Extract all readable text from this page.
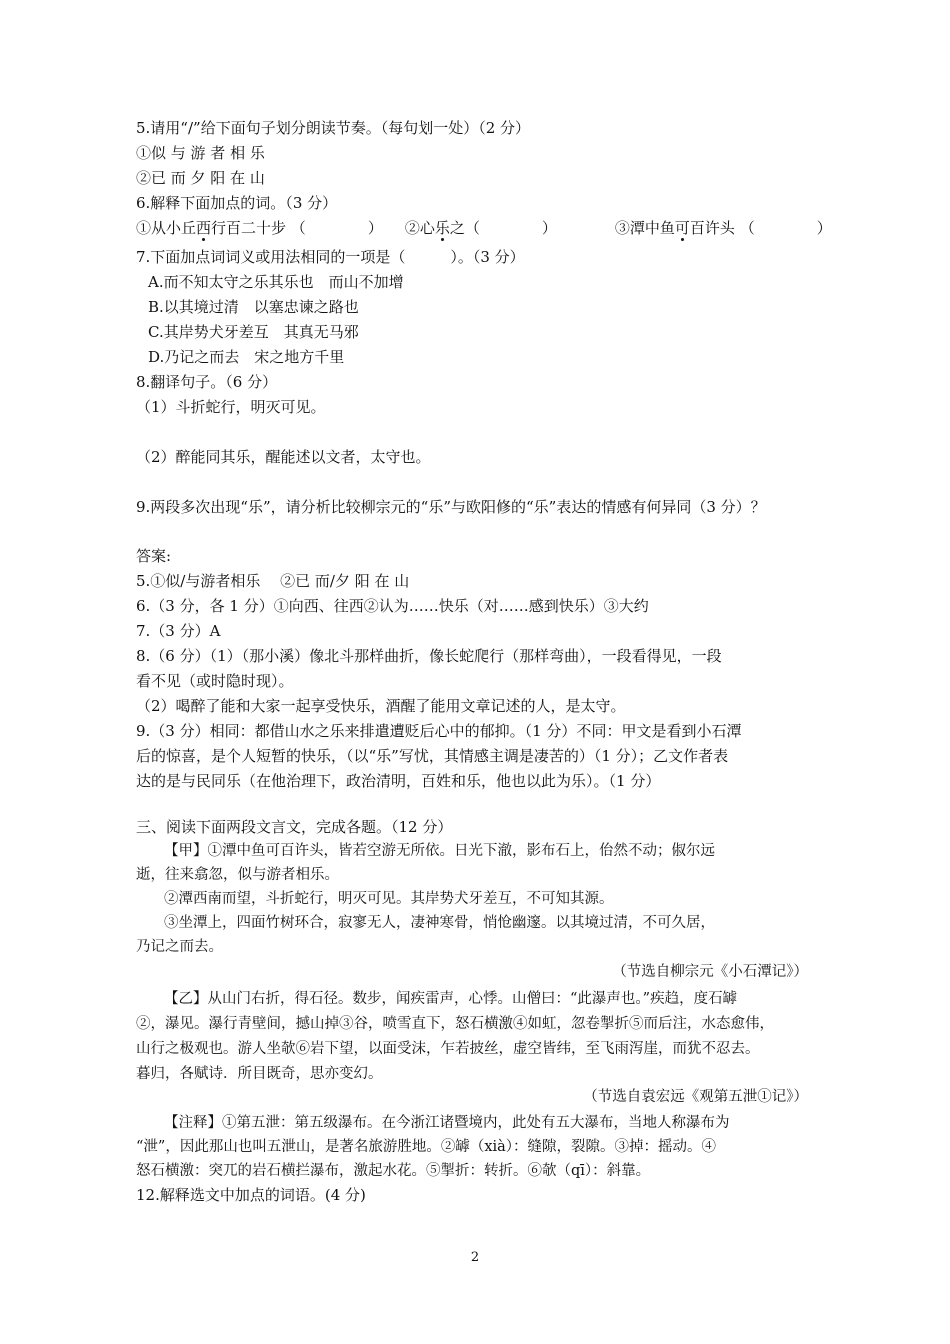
5.请用“/”给下面句子划分朗读节奏。（每句划一处）（2 分）
①似 与 游 者 相 乐
②已 而 夕 阳 在 山
6.解释下面加点的词。（3 分）
①从小丘西行百二十步 （	） ②心乐之（	）	③潭中鱼可百许头 （	）
7.下面加点词词义或用法相同的一项是（　　　）。（3 分）
A.而不知太守之乐其乐也　而山不加增
B.以其境过清　以塞忠谏之路也
C.其岸势犬牙差互　其真无马邪
D.乃记之而去　宋之地方千里
8.翻译句子。（6 分）
（1）斗折蛇行，明灭可见。
（2）醉能同其乐，醒能述以文者，太守也。
9.两段多次出现“乐”，请分析比较柳宗元的“乐”与欧阳修的“乐”表达的情感有何异同（3 分）？
答案:
5.①似/与游者相乐　 ②已 而/夕 阳 在 山
6.（3 分，各 1 分）①向西、往西②认为……快乐（对……感到快乐）③大约
7.（3 分）A
8.（6 分）（1）（那小溪）像北斗那样曲折，像长蛇爬行（那样弯曲），一段看得见，一段
看不见（或时隐时现）。
（2）喝醉了能和大家一起享受快乐，酒醒了能用文章记述的人，是太守。
9.（3 分）相同：都借山水之乐来排遣遭贬后心中的郁抑。（1 分）不同：甲文是看到小石潭
后的惊喜，是个人短暂的快乐，（以“乐”写忧，其情感主调是凄苦的）（1 分）；乙文作者表
达的是与民同乐（在他治理下，政治清明，百姓和乐，他也以此为乐）。（1 分）
三、阅读下面两段文言文，完成各题。（12 分）
【甲】①潭中鱼可百许头，皆若空游无所依。日光下澈，影布石上，佁然不动；俶尔远
逝，往来翕忽，似与游者相乐。
②潭西南而望，斗折蛇行，明灭可见。其岸势犬牙差互，不可知其源。
③坐潭上，四面竹树环合，寂寥无人，凄神寒骨，悄怆幽邃。以其境过清，不可久居，
乃记之而去。
（节选自柳宗元《小石潭记》）
【乙】从山门右折，得石径。数步，闻疾雷声，心悸。山僧曰：“此瀑声也。”疾趋，度石罅
②，瀑见。瀑行青壁间，撼山掉③谷，喷雪直下，怒石横激④如虹，忽卷掣折⑤而后注，水态愈伟，
山行之极观也。游人坐欹⑥岩下望，以面受沫，乍若披丝，虚空皆纬，至飞雨泻崖，而犹不忍去。
暮归，各赋诗．所目既奇，思亦变幻。
（节选自袁宏远《观第五泄①记》）
【注释】①第五泄：第五级瀑布。在今浙江诸暨境内，此处有五大瀑布，当地人称瀑布为
“泄”，因此那山也叫五泄山，是著名旅游胜地。②罅（xià）：缝隙，裂隙。③掉：摇动。④
怒石横激：突兀的岩石横拦瀑布，激起水花。⑤掣折：转折。⑥欹（qī）：斜靠。
12.解释选文中加点的词语。(4 分)
2
